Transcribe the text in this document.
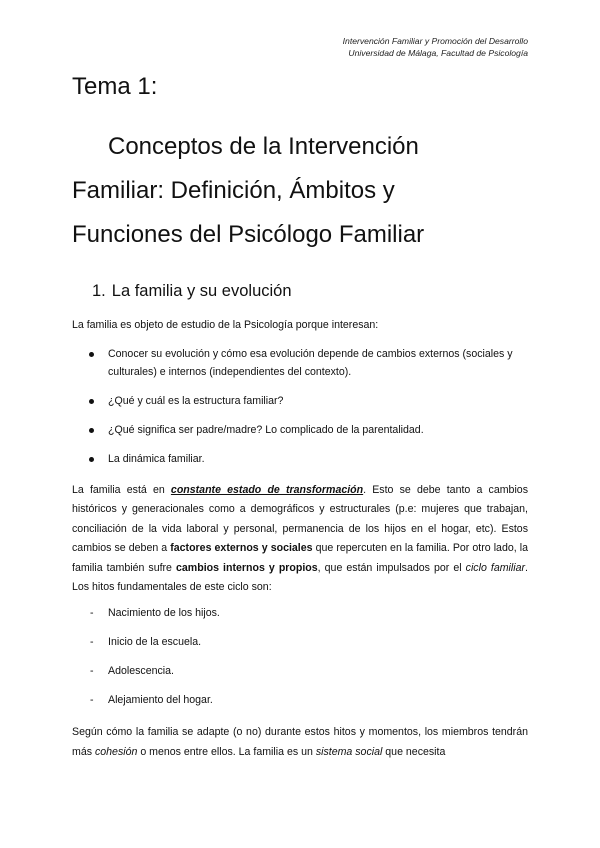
Intervención Familiar y Promoción del Desarrollo
Universidad de Málaga, Facultad de Psicología
Tema 1:
Conceptos de la Intervención
Familiar: Definición, Ámbitos y
Funciones del Psicólogo Familiar
1. La familia y su evolución

La familia es objeto de estudio de la Psicología porque interesan:

Conocer su evolución y cómo esa evolución depende de cambios externos (sociales y culturales) e internos (independientes del contexto).
¿Qué y cuál es la estructura familiar?
¿Qué significa ser padre/madre? Lo complicado de la parentalidad.
La dinámica familiar.

La familia está en constante estado de transformación. Esto se debe tanto a cambios históricos y generacionales como a demográficos y estructurales (p.e: mujeres que trabajan, conciliación de la vida laboral y personal, permanencia de los hijos en el hogar, etc). Estos cambios se deben a factores externos y sociales que repercuten en la familia. Por otro lado, la familia también sufre cambios internos y propios, que están impulsados por el ciclo familiar. Los hitos fundamentales de este ciclo son:

- Nacimiento de los hijos.
- Inicio de la escuela.
- Adolescencia.
- Alejamiento del hogar.

Según cómo la familia se adapte (o no) durante estos hitos y momentos, los miembros tendrán más cohesión o menos entre ellos. La familia es un sistema social que necesita
